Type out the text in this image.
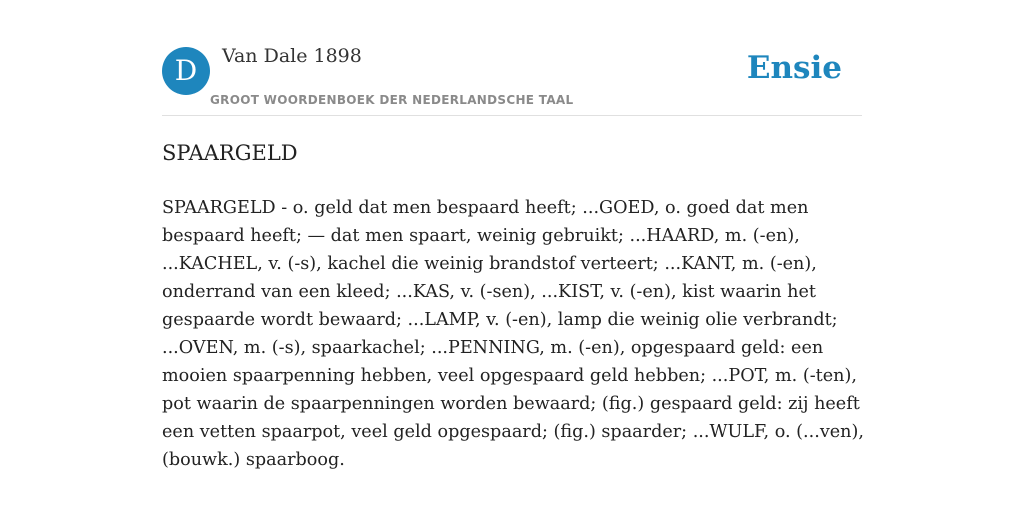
D	Van Dale 1898
GROOT WOORDENBOEK DER NEDERLANDSCHE TAAL
Ensie
SPAARGELD

SPAARGELD - o. geld dat men bespaard heeft; ...GOED, o. goed dat men bespaard heeft; — dat men spaart, weinig gebruikt; ...HAARD, m. (-en), ...KACHEL, v. (-s), kachel die weinig brandstof verteert; ...KANT, m. (-en), onderrand van een kleed; ...KAS, v. (-sen), ...KIST, v. (-en), kist waarin het gespaarde wordt bewaard; ...LAMP, v. (-en), lamp die weinig olie verbrandt; ...OVEN, m. (-s), spaarkachel; ...PENNING, m. (-en), opgespaard geld: een mooien spaarpenning hebben, veel opgespaard geld hebben; ...POT, m. (-ten), pot waarin de spaarpenningen worden bewaard; (fig.) gespaard geld: zij heeft een vetten spaarpot, veel geld opgespaard; (fig.) spaarder; ...WULF, o. (...ven), (bouwk.) spaarboog.
